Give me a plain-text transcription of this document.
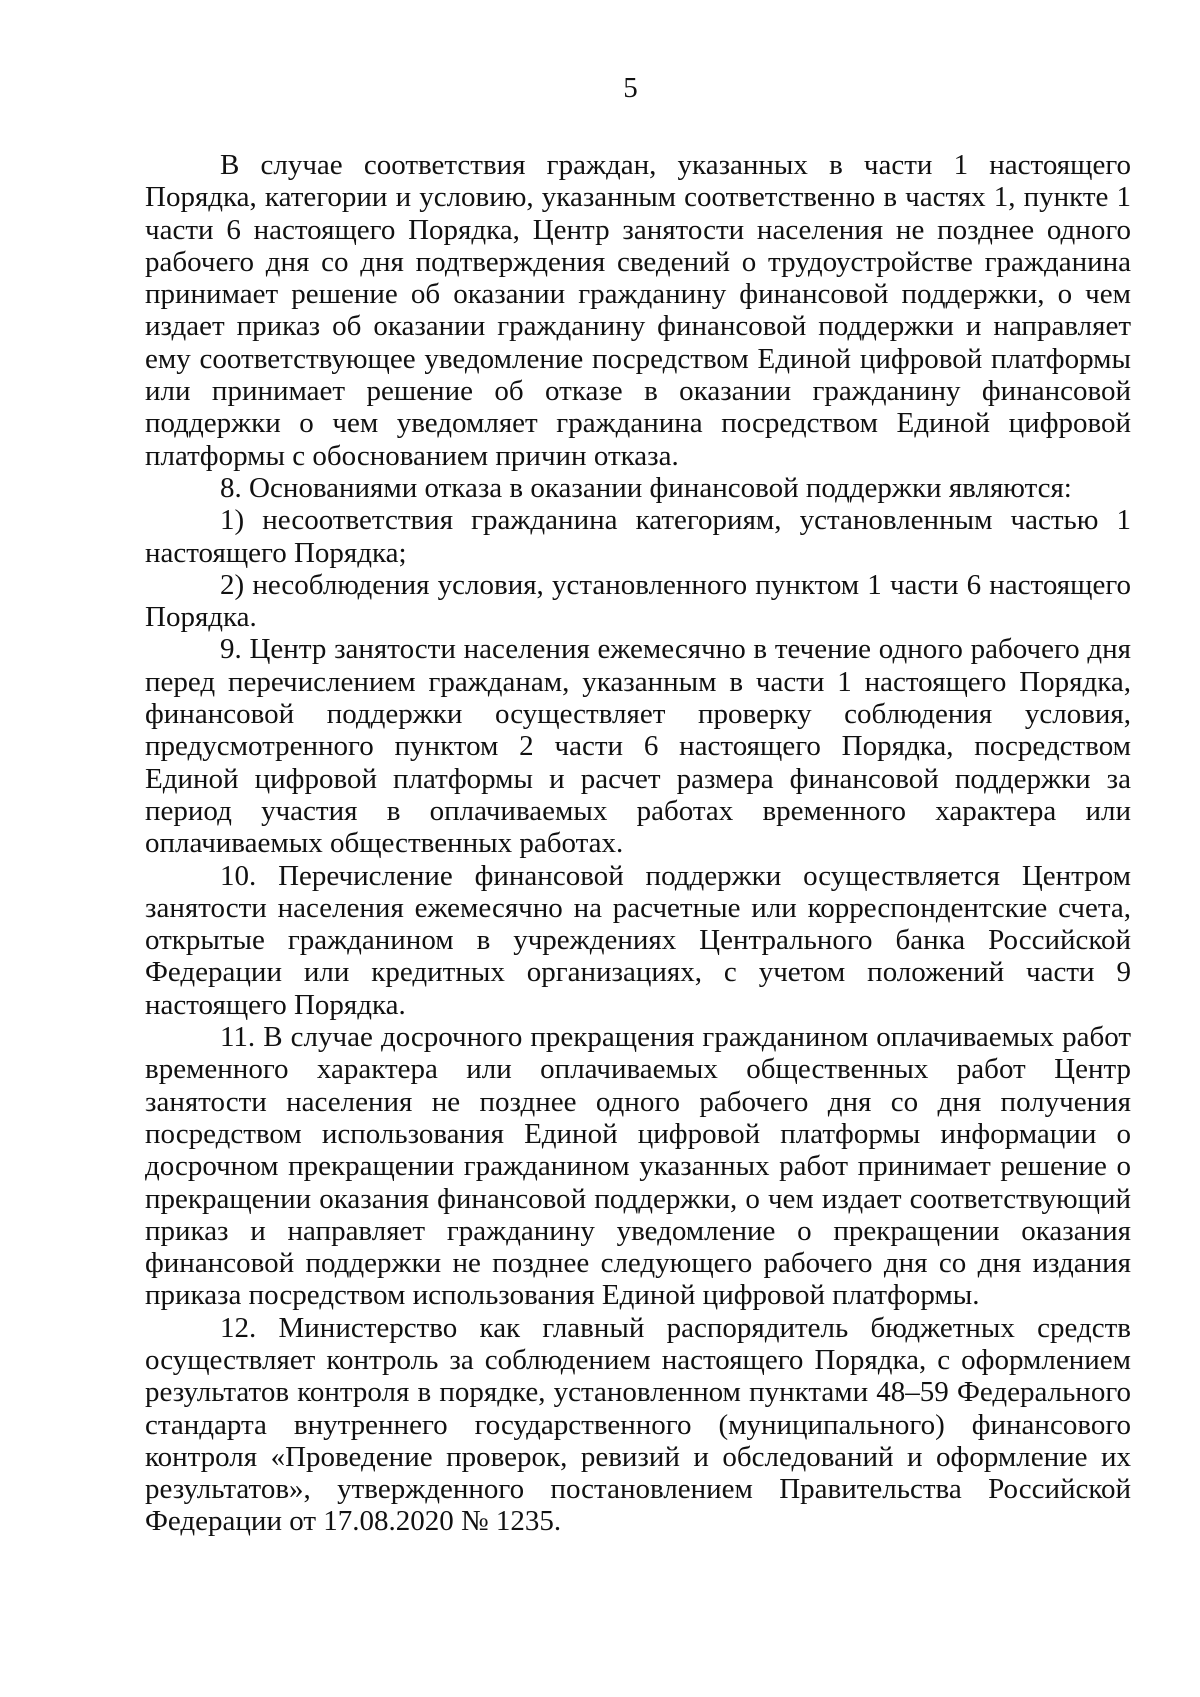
5

В случае соответствия граждан, указанных в части 1 настоящего Порядка, категории и условию, указанным соответственно в частях 1, пункте 1 части 6 настоящего Порядка, Центр занятости населения не позднее одного рабочего дня со дня подтверждения сведений о трудоустройстве гражданина принимает решение об оказании гражданину финансовой поддержки, о чем издает приказ об оказании гражданину финансовой поддержки и направляет ему соответствующее уведомление посредством Единой цифровой платформы или принимает решение об отказе в оказании гражданину финансовой поддержки о чем уведомляет гражданина посредством Единой цифровой платформы с обоснованием причин отказа.

8. Основаниями отказа в оказании финансовой поддержки являются:

1) несоответствия гражданина категориям, установленным частью 1 настоящего Порядка;

2) несоблюдения условия, установленного пунктом 1 части 6 настоящего Порядка.

9. Центр занятости населения ежемесячно в течение одного рабочего дня перед перечислением гражданам, указанным в части 1 настоящего Порядка, финансовой поддержки осуществляет проверку соблюдения условия, предусмотренного пунктом 2 части 6 настоящего Порядка, посредством Единой цифровой платформы и расчет размера финансовой поддержки за период участия в оплачиваемых работах временного характера или оплачиваемых общественных работах.

10. Перечисление финансовой поддержки осуществляется Центром занятости населения ежемесячно на расчетные или корреспондентские счета, открытые гражданином в учреждениях Центрального банка Российской Федерации или кредитных организациях, с учетом положений части 9 настоящего Порядка.

11. В случае досрочного прекращения гражданином оплачиваемых работ временного характера или оплачиваемых общественных работ Центр занятости населения не позднее одного рабочего дня со дня получения посредством использования Единой цифровой платформы информации о досрочном прекращении гражданином указанных работ принимает решение о прекращении оказания финансовой поддержки, о чем издает соответствующий приказ и направляет гражданину уведомление о прекращении оказания финансовой поддержки не позднее следующего рабочего дня со дня издания приказа посредством использования Единой цифровой платформы.

12. Министерство как главный распорядитель бюджетных средств осуществляет контроль за соблюдением настоящего Порядка, с оформлением результатов контроля в порядке, установленном пунктами 48–59 Федерального стандарта внутреннего государственного (муниципального) финансового контроля «Проведение проверок, ревизий и обследований и оформление их результатов», утвержденного постановлением Правительства Российской Федерации от 17.08.2020 № 1235.
